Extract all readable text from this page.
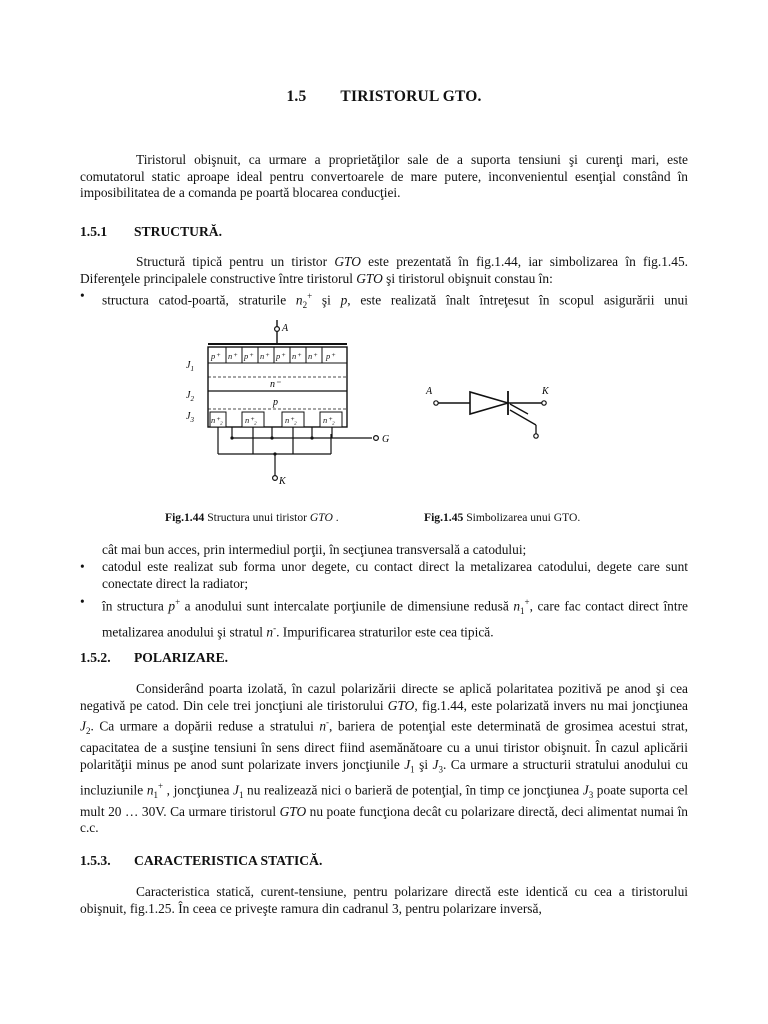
1.5 TIRISTORUL GTO.
Tiristorul obişnuit, ca urmare a proprietăţilor sale de a suporta tensiuni şi curenţi mari, este comutatorul static aproape ideal pentru convertoarele de mare putere, inconvenientul esenţial constând în imposibilitatea de a comanda pe poartă blocarea conducţiei.
1.5.1 STRUCTURĂ.
Structură tipică pentru un tiristor GTO este prezentată în fig.1.44, iar simbolizarea în fig.1.45. Diferenţele principalele constructive între tiristorul GTO şi tiristorul obişnuit constau în:
•	structura catod-poartă, straturile $n_2^+$ şi p, este realizată înalt întreţesut în scopul asigurării unui
A
p⁺ n⁺ p⁺ n⁺ p⁺ n⁺ n⁺ p⁺
n⁻
p
n⁺₂	n⁺₂	n⁺₂	n⁺₂
$J_1$
$J_2$
$J_3$
G
K
A	K
Fig.1.44 Structura unui tiristor GTO .	Fig.1.45 Simbolizarea unui GTO.
cât mai bun acces, prin intermediul porţii, în secţiunea transversală a catodului;
•	catodul este realizat sub forma unor degete, cu contact direct la metalizarea catodului, degete care sunt conectate direct la radiator;
•	în structura p+ a anodului sunt intercalate porţiunile de dimensiune redusă $n_1^+$, care fac contact direct între metalizarea anodului şi stratul n-. Impurificarea straturilor este cea tipică.
1.5.2. POLARIZARE.
Considerând poarta izolată, în cazul polarizării directe se aplică polaritatea pozitivă pe anod şi cea negativă pe catod. Din cele trei joncţiuni ale tiristorului GTO, fig.1.44, este polarizată invers nu mai joncţiunea $J_2$. Ca urmare a dopării reduse a stratului n-, bariera de potenţial este determinată de grosimea acestui strat, capacitatea de a susţine tensiuni în sens direct fiind asemănătoare cu a unui tiristor obişnuit. În cazul aplicării polarităţii minus pe anod sunt polarizate invers joncţiunile $J_1$ şi $J_3$. Ca urmare a structurii stratului anodului cu incluziunile $n_1^+$ , joncţiunea $J_1$ nu realizează nici o barieră de potenţial, în timp ce joncţiunea $J_3$ poate suporta cel mult 20 … 30V. Ca urmare tiristorul GTO nu poate funcţiona decât cu polarizare directă, deci alimentat numai în c.c.
1.5.3. CARACTERISTICA STATICĂ.
Caracteristica statică, curent-tensiune, pentru polarizare directă este identică cu cea a tiristorului obişnuit, fig.1.25. În ceea ce priveşte ramura din cadranul 3, pentru polarizare inversă,
